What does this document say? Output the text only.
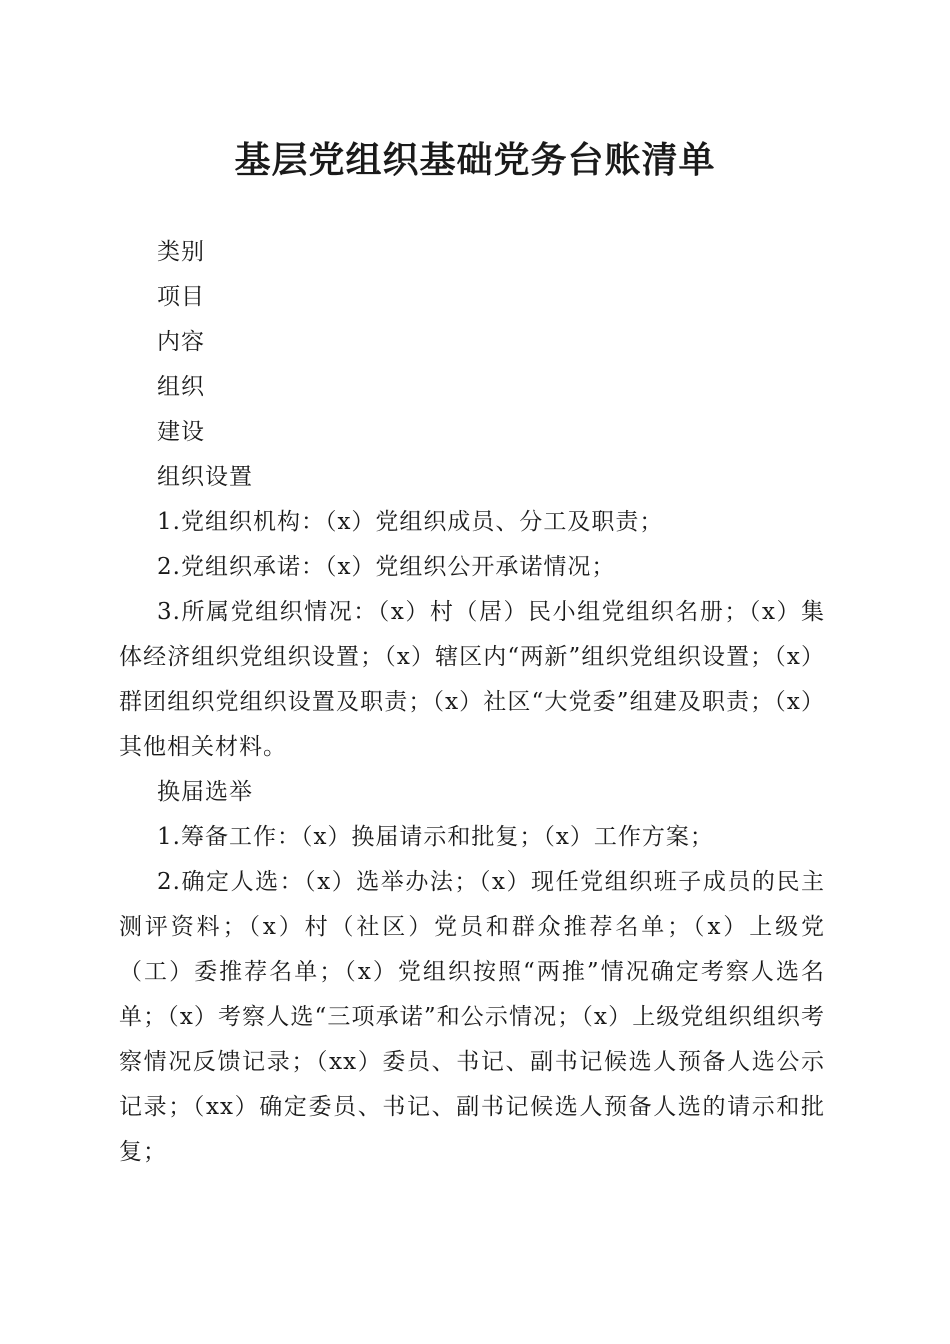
基层党组织基础党务台账清单

类别

项目

内容

组织

建设

组织设置

1.党组织机构：（x）党组织成员、分工及职责；

2.党组织承诺：（x）党组织公开承诺情况；

3.所属党组织情况：（x）村（居）民小组党组织名册；（x）集体经济组织党组织设置；（x）辖区内“两新”组织党组织设置；（x）群团组织党组织设置及职责；（x）社区“大党委”组建及职责；（x）其他相关材料。

换届选举

1.筹备工作：（x）换届请示和批复；（x）工作方案；

2.确定人选：（x）选举办法；（x）现任党组织班子成员的民主测评资料；（x）村（社区）党员和群众推荐名单；（x）上级党（工）委推荐名单；（x）党组织按照“两推”情况确定考察人选名单；（x）考察人选“三项承诺”和公示情况；（x）上级党组织组织考察情况反馈记录；（xx）委员、书记、副书记候选人预备人选公示记录；（xx）确定委员、书记、副书记候选人预备人选的请示和批复；
